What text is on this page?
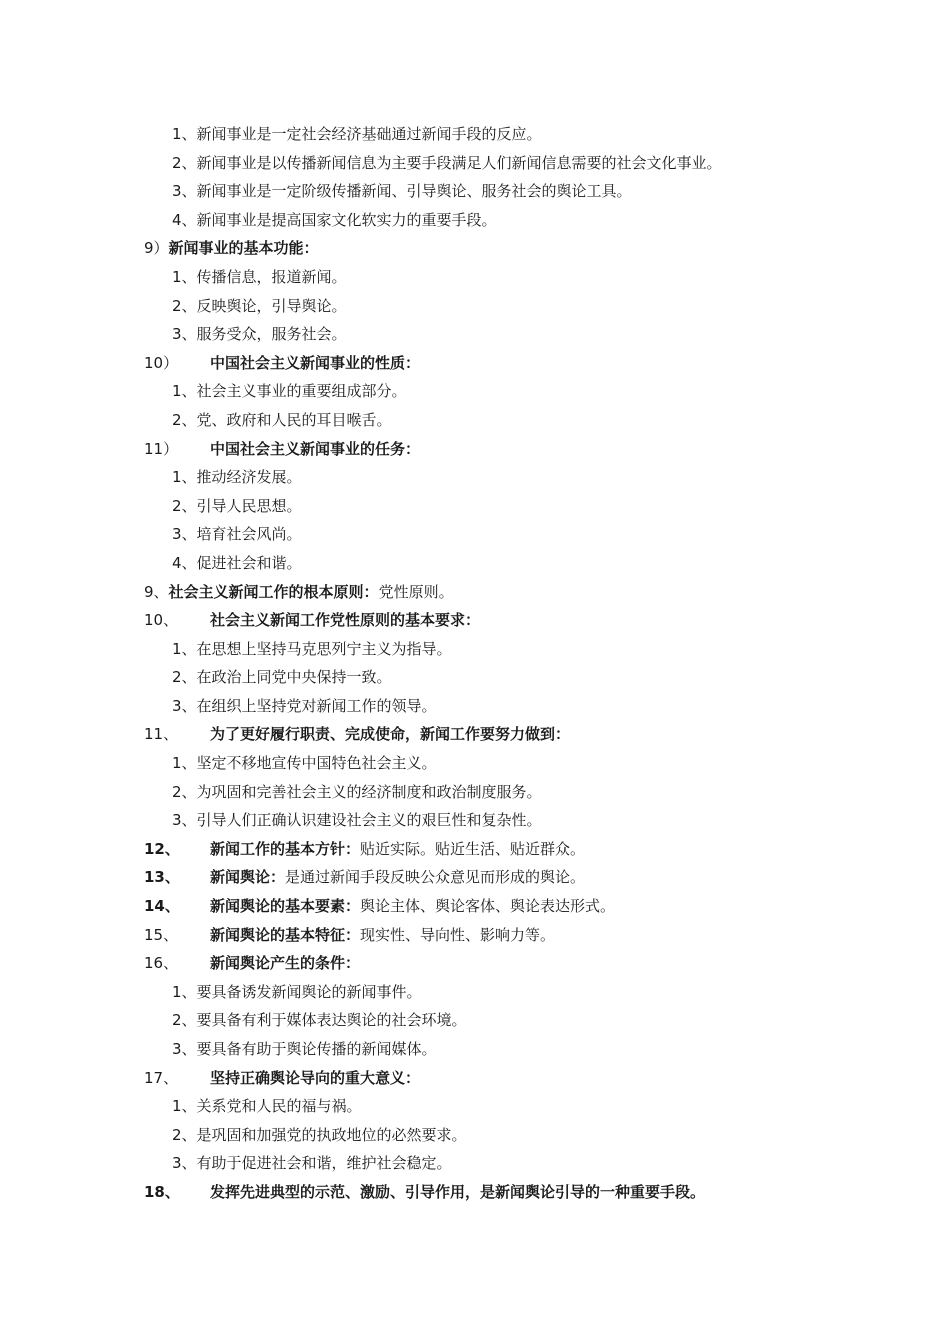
1、新闻事业是一定社会经济基础通过新闻手段的反应。
2、新闻事业是以传播新闻信息为主要手段满足人们新闻信息需要的社会文化事业。
3、新闻事业是一定阶级传播新闻、引导舆论、服务社会的舆论工具。
4、新闻事业是提高国家文化软实力的重要手段。
9）新闻事业的基本功能：
1、传播信息，报道新闻。
2、反映舆论，引导舆论。
3、服务受众，服务社会。
10） 中国社会主义新闻事业的性质：
1、社会主义事业的重要组成部分。
2、党、政府和人民的耳目喉舌。
11） 中国社会主义新闻事业的任务：
1、推动经济发展。
2、引导人民思想。
3、培育社会风尚。
4、促进社会和谐。
9、社会主义新闻工作的根本原则：党性原则。
10、 社会主义新闻工作党性原则的基本要求：
1、在思想上坚持马克思列宁主义为指导。
2、在政治上同党中央保持一致。
3、在组织上坚持党对新闻工作的领导。
11、 为了更好履行职责、完成使命，新闻工作要努力做到：
1、坚定不移地宣传中国特色社会主义。
2、为巩固和完善社会主义的经济制度和政治制度服务。
3、引导人们正确认识建设社会主义的艰巨性和复杂性。
12、 新闻工作的基本方针：贴近实际。贴近生活、贴近群众。
13、 新闻舆论：是通过新闻手段反映公众意见而形成的舆论。
14、 新闻舆论的基本要素：舆论主体、舆论客体、舆论表达形式。
15、 新闻舆论的基本特征：现实性、导向性、影响力等。
16、 新闻舆论产生的条件：
1、要具备诱发新闻舆论的新闻事件。
2、要具备有利于媒体表达舆论的社会环境。
3、要具备有助于舆论传播的新闻媒体。
17、 坚持正确舆论导向的重大意义：
1、关系党和人民的福与祸。
2、是巩固和加强党的执政地位的必然要求。
3、有助于促进社会和谐，维护社会稳定。
18、 发挥先进典型的示范、激励、引导作用，是新闻舆论引导的一种重要手段。
